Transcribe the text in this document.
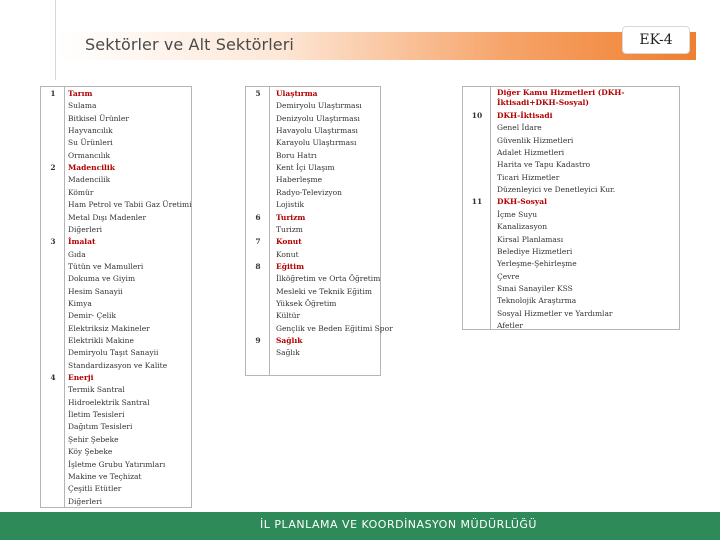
Sektörler ve Alt Sektörleri	EK-4
1	Tarım
Sulama
Bitkisel Ürünler
Hayvancılık
Su Ürünleri
Ormancılık
2	Madencilik
Madencilik
Kömür
Ham Petrol ve Tabii Gaz Üretimi
Metal Dışı Madenler
Diğerleri
3	İmalat
Gıda
Tütün ve Mamulleri
Dokuma ve Giyim
Hesim Sanayii
Kimya
Demir- Çelik
Elektriksiz Makineler
Elektrikli Makine
Demiryolu Taşıt Sanayii
Standardizasyon ve Kalite
4	Enerji
Termik Santral
Hidroelektrik Santral
İletim Tesisleri
Dağıtım Tesisleri
Şehir Şebeke
Köy Şebeke
İşletme Grubu Yatırımları
Makine ve Teçhizat
Çeşitli Etütler
Diğerleri
5	Ulaştırma
Demiryolu Ulaştırması
Denizyolu Ulaştırması
Havayolu Ulaştırması
Karayolu Ulaştırması
Boru Hatrı
Kent İçi Ulaşım
Haberleşme
Radyo-Televizyon
Lojistik
6	Turizm
Turizm
7	Konut
Konut
8	Eğitim
İlköğretim ve Orta Öğretim
Mesleki ve Teknik Eğitim
Yüksek Öğretim
Kültür
Gençlik ve Beden Eğitimi Spor
9	Sağlık
Sağlık
Diğer Kamu Hizmetleri (DKH-İktisadi+DKH-Sosyal)
10	DKH-İktisadi
Genel İdare
Güvenlik Hizmetleri
Adalet Hizmetleri
Harita ve Tapu Kadastro
Ticari Hizmetler
Düzenleyici ve Denetleyici Kur.
11	DKH-Sosyal
İçme Suyu
Kanalizasyon
Kirsal Planlaması
Belediye Hizmetleri
Yerleşme-Şehirleşme
Çevre
Sınai Sanayiler KSS
Teknolojik Araştırma
Sosyal Hizmetler ve Yardımlar
Afetler
İL PLANLAMA VE KOORDİNASYON MÜDÜRLÜĞÜ
